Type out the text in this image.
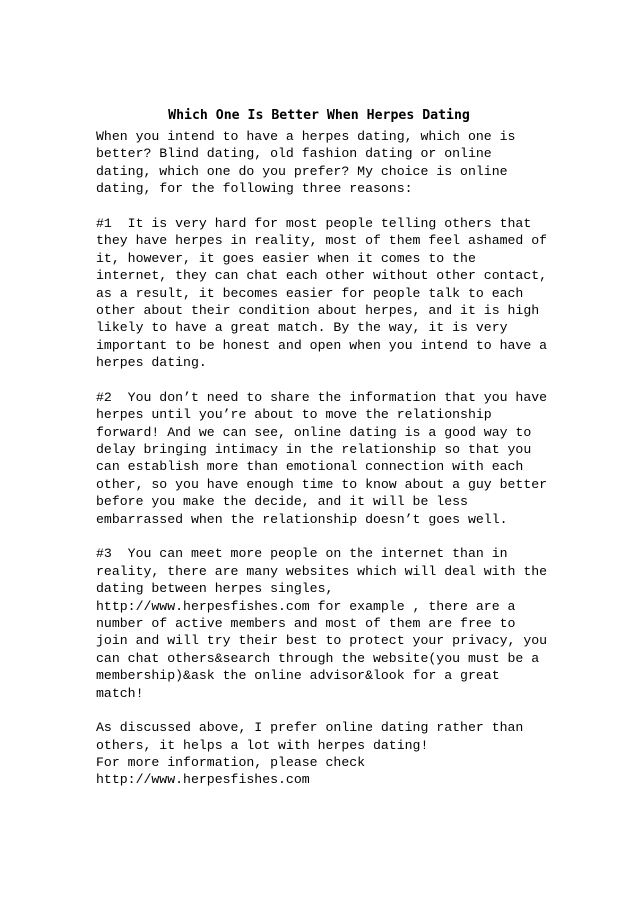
Which One Is Better When Herpes Dating

When you intend to have a herpes dating, which one is
better? Blind dating, old fashion dating or online
dating, which one do you prefer? My choice is online
dating, for the following three reasons:

#1  It is very hard for most people telling others that
they have herpes in reality, most of them feel ashamed of
it, however, it goes easier when it comes to the
internet, they can chat each other without other contact,
as a result, it becomes easier for people talk to each
other about their condition about herpes, and it is high
likely to have a great match. By the way, it is very
important to be honest and open when you intend to have a
herpes dating.

#2  You don’t need to share the information that you have
herpes until you’re about to move the relationship
forward! And we can see, online dating is a good way to
delay bringing intimacy in the relationship so that you
can establish more than emotional connection with each
other, so you have enough time to know about a guy better
before you make the decide, and it will be less
embarrassed when the relationship doesn’t goes well.

#3  You can meet more people on the internet than in
reality, there are many websites which will deal with the
dating between herpes singles,
http://www.herpesfishes.com for example , there are a
number of active members and most of them are free to
join and will try their best to protect your privacy, you
can chat others&search through the website(you must be a
membership)&ask the online advisor&look for a great
match!

As discussed above, I prefer online dating rather than
others, it helps a lot with herpes dating!
For more information, please check
http://www.herpesfishes.com
